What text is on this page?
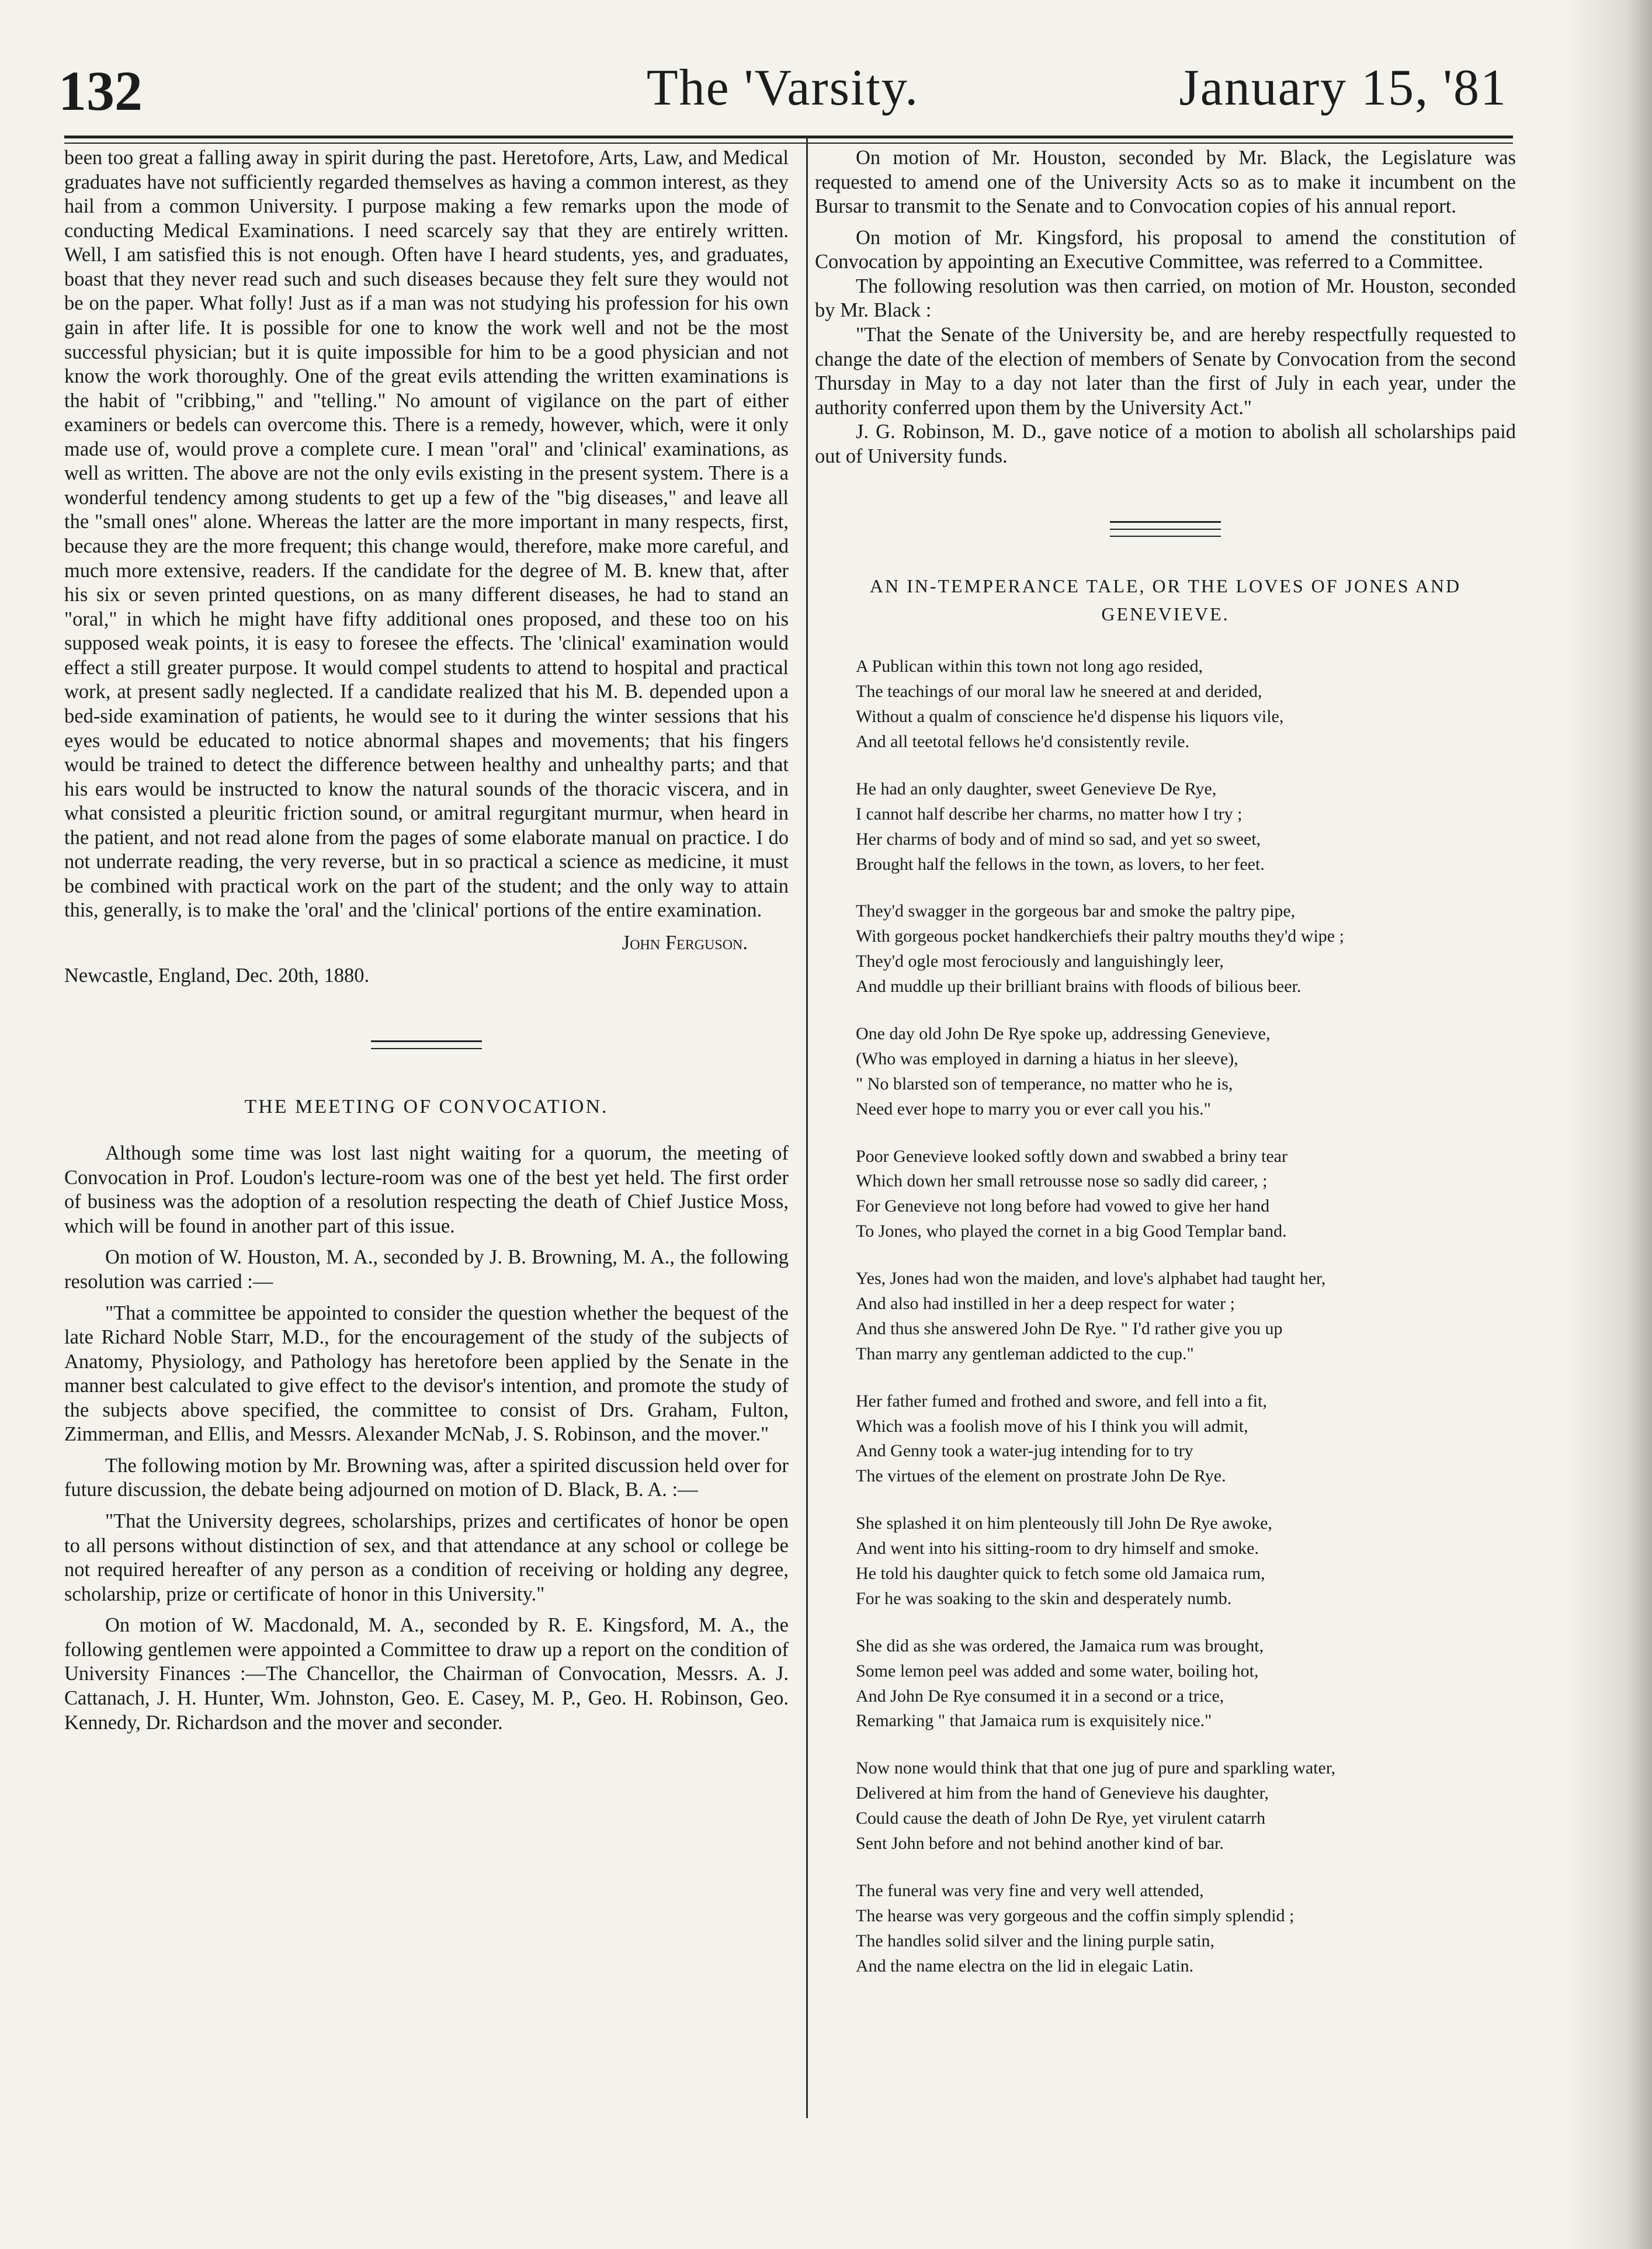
132	The 'Varsity.	January 15, '81

been too great a falling away in spirit during the past. Heretofore, Arts, Law, and Medical graduates have not sufficiently regarded themselves as having a common interest, as they hail from a common University. I purpose making a few remarks upon the mode of conducting Medical Examinations. I need scarcely say that they are entirely written. Well, I am satisfied this is not enough. Often have I heard students, yes, and graduates, boast that they never read such and such diseases because they felt sure they would not be on the paper. What folly! Just as if a man was not studying his profession for his own gain in after life. It is possible for one to know the work well and not be the most successful physician; but it is quite impossible for him to be a good physician and not know the work thoroughly. One of the great evils attending the written examinations is the habit of "cribbing," and "telling." No amount of vigilance on the part of either examiners or bedels can overcome this. There is a remedy, however, which, were it only made use of, would prove a complete cure. I mean "oral" and 'clinical' examinations, as well as written. The above are not the only evils existing in the present system. There is a wonderful tendency among students to get up a few of the "big diseases," and leave all the "small ones" alone. Whereas the latter are the more important in many respects, first, because they are the more frequent; this change would, therefore, make more careful, and much more extensive, readers. If the candidate for the degree of M. B. knew that, after his six or seven printed questions, on as many different diseases, he had to stand an "oral," in which he might have fifty additional ones proposed, and these too on his supposed weak points, it is easy to foresee the effects. The 'clinical' examination would effect a still greater purpose. It would compel students to attend to hospital and practical work, at present sadly neglected. If a candidate realized that his M. B. depended upon a bed-side examination of patients, he would see to it during the winter sessions that his eyes would be educated to notice abnormal shapes and movements; that his fingers would be trained to detect the difference between healthy and unhealthy parts; and that his ears would be instructed to know the natural sounds of the thoracic viscera, and in what consisted a pleuritic friction sound, or amitral regurgitant murmur, when heard in the patient, and not read alone from the pages of some elaborate manual on practice. I do not underrate reading, the very reverse, but in so practical a science as medicine, it must be combined with practical work on the part of the student; and the only way to attain this, generally, is to make the 'oral' and the 'clinical' portions of the entire examination.

John Ferguson.

Newcastle, England, Dec. 20th, 1880.

THE MEETING OF CONVOCATION.

Although some time was lost last night waiting for a quorum, the meeting of Convocation in Prof. Loudon's lecture-room was one of the best yet held. The first order of business was the adoption of a resolution respecting the death of Chief Justice Moss, which will be found in another part of this issue.

On motion of W. Houston, M. A., seconded by J. B. Browning, M. A., the following resolution was carried :—

"That a committee be appointed to consider the question whether the bequest of the late Richard Noble Starr, M.D., for the encouragement of the study of the subjects of Anatomy, Physiology, and Pathology has heretofore been applied by the Senate in the manner best calculated to give effect to the devisor's intention, and promote the study of the subjects above specified, the committee to consist of Drs. Graham, Fulton, Zimmerman, and Ellis, and Messrs. Alexander McNab, J. S. Robinson, and the mover."

The following motion by Mr. Browning was, after a spirited discussion held over for future discussion, the debate being adjourned on motion of D. Black, B. A. :—

"That the University degrees, scholarships, prizes and certificates of honor be open to all persons without distinction of sex, and that attendance at any school or college be not required hereafter of any person as a condition of receiving or holding any degree, scholarship, prize or certificate of honor in this University."

On motion of W. Macdonald, M. A., seconded by R. E. Kingsford, M. A., the following gentlemen were appointed a Committee to draw up a report on the condition of University Finances :—The Chancellor, the Chairman of Convocation, Messrs. A. J. Cattanach, J. H. Hunter, Wm. Johnston, Geo. E. Casey, M. P., Geo. H. Robinson, Geo. Kennedy, Dr. Richardson and the mover and seconder.

On motion of Mr. Houston, seconded by Mr. Black, the Legislature was requested to amend one of the University Acts so as to make it incumbent on the Bursar to transmit to the Senate and to Convocation copies of his annual report.

On motion of Mr. Kingsford, his proposal to amend the constitution of Convocation by appointing an Executive Committee, was referred to a Committee.

The following resolution was then carried, on motion of Mr. Houston, seconded by Mr. Black :

"That the Senate of the University be, and are hereby respectfully requested to change the date of the election of members of Senate by Convocation from the second Thursday in May to a day not later than the first of July in each year, under the authority conferred upon them by the University Act."

J. G. Robinson, M. D., gave notice of a motion to abolish all scholarships paid out of University funds.

AN IN-TEMPERANCE TALE, OR THE LOVES OF JONES AND
GENEVIEVE.
A Publican within this town not long ago resided,
The teachings of our moral law he sneered at and derided,
Without a qualm of conscience he'd dispense his liquors vile,
And all teetotal fellows he'd consistently revile.
He had an only daughter, sweet Genevieve De Rye,
I cannot half describe her charms, no matter how I try ;
Her charms of body and of mind so sad, and yet so sweet,
Brought half the fellows in the town, as lovers, to her feet.
They'd swagger in the gorgeous bar and smoke the paltry pipe,
With gorgeous pocket handkerchiefs their paltry mouths they'd wipe ;
They'd ogle most ferociously and languishingly leer,
And muddle up their brilliant brains with floods of bilious beer.
One day old John De Rye spoke up, addressing Genevieve,
(Who was employed in darning a hiatus in her sleeve),
" No blarsted son of temperance, no matter who he is,
Need ever hope to marry you or ever call you his."
Poor Genevieve looked softly down and swabbed a briny tear
Which down her small retrousse nose so sadly did career, ;
For Genevieve not long before had vowed to give her hand
To Jones, who played the cornet in a big Good Templar band.
Yes, Jones had won the maiden, and love's alphabet had taught her,
And also had instilled in her a deep respect for water ;
And thus she answered John De Rye. " I'd rather give you up
Than marry any gentleman addicted to the cup."
Her father fumed and frothed and swore, and fell into a fit,
Which was a foolish move of his I think you will admit,
And Genny took a water-jug intending for to try
The virtues of the element on prostrate John De Rye.
She splashed it on him plenteously till John De Rye awoke,
And went into his sitting-room to dry himself and smoke.
He told his daughter quick to fetch some old Jamaica rum,
For he was soaking to the skin and desperately numb.
She did as she was ordered, the Jamaica rum was brought,
Some lemon peel was added and some water, boiling hot,
And John De Rye consumed it in a second or a trice,
Remarking " that Jamaica rum is exquisitely nice."
Now none would think that that one jug of pure and sparkling water,
Delivered at him from the hand of Genevieve his daughter,
Could cause the death of John De Rye, yet virulent catarrh
Sent John before and not behind another kind of bar.
The funeral was very fine and very well attended,
The hearse was very gorgeous and the coffin simply splendid ;
The handles solid silver and the lining purple satin,
And the name electra on the lid in elegaic Latin.
